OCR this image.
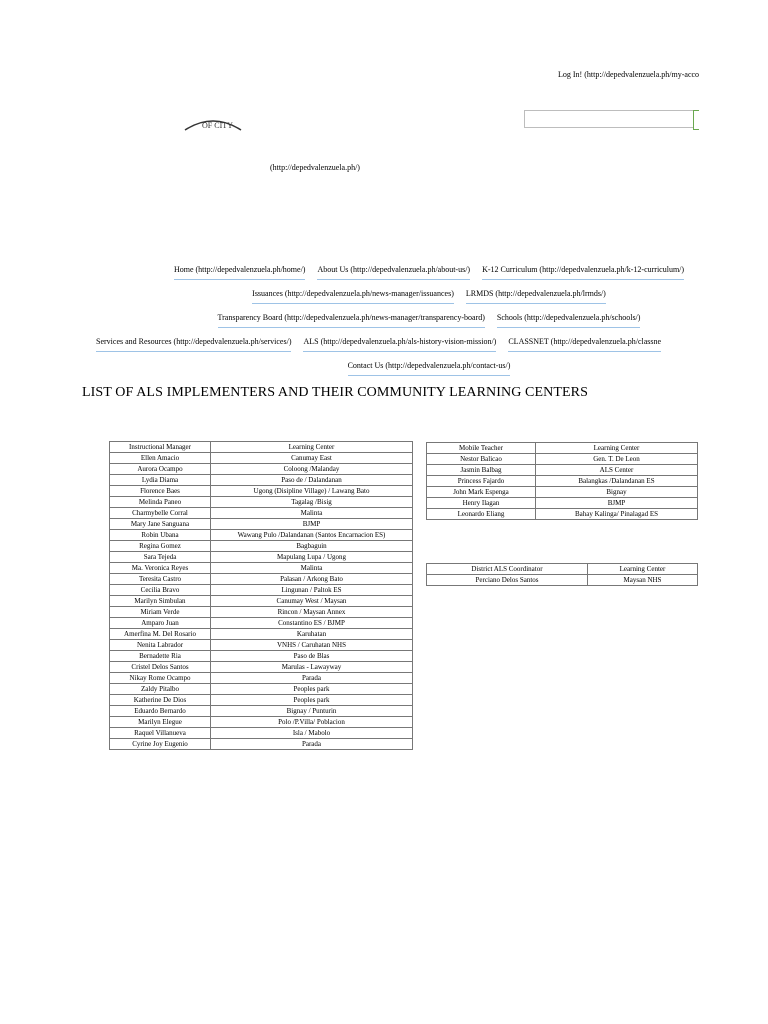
Log In! (http://depedvalenzuela.ph/my-acco
OF CITY
(http://depedvalenzuela.ph/)
Home (http://depedvalenzuela.ph/home/) About Us (http://depedvalenzuela.ph/about-us/) K-12 Curriculum (http://depedvalenzuela.ph/k-12-curriculum/)
Issuances (http://depedvalenzuela.ph/news-manager/issuances) LRMDS (http://depedvalenzuela.ph/lrmds/)
Transparency Board (http://depedvalenzuela.ph/news-manager/transparency-board) Schools (http://depedvalenzuela.ph/schools/)
Services and Resources (http://depedvalenzuela.ph/services/) ALS (http://depedvalenzuela.ph/als-history-vision-mission/) CLASSNET (http://depedvalenzuela.ph/classne
Contact Us (http://depedvalenzuela.ph/contact-us/)
LIST OF ALS IMPLEMENTERS AND THEIR COMMUNITY LEARNING CENTERS
Instructional Manager	Learning Center
Ellen Amacio	Canumay East
Aurora Ocampo	Coloong /Malanday
Lydia Diama	Paso de / Dalandanan
Florence Baes	Ugong (Disipline Village) / Lawang Bato
Melinda Paneo	Tagalag /Bisig
Charmybelle Corral	Malinta
Mary Jane Sanguana	BJMP
Robin Ubana	Wawang Pulo /Dalandanan (Santos Encarnacion ES)
Regina Gomez	Bagbaguin
Sara Tejeda	Mapulang Lupa / Ugong
Ma. Veronica Reyes	Malinta
Teresita Castro	Palasan / Arkong Bato
Cecilia Bravo	Lingunan / Paltok ES
Marilyn Simbulan	Canumay West / Maysan
Miriam Verde	Rincon / Maysan Annex
Amparo Juan	Constantino ES / BJMP
Amerfina M. Del Rosario	Karuhatan
Nenita Labrador	VNHS / Caruhatan NHS
Bernadette Ria	Paso de Blas
Cristel Delos Santos	Marulas - Lawayway
Nikay Rome Ocampo	Parada
Zaldy Pitalbo	Peoples park
Katherine De Dios	Peoples park
Eduardo Bernardo	Bignay / Punturin
Marilyn Elegue	Polo /P.Villa/ Poblacion
Raquel Villanueva	Isla / Mabolo
Cyrine Joy Eugenio	Parada
Mobile Teacher	Learning Center
Nestor Balicao	Gen. T. De Leon
Jasmin Balbag	ALS Center
Princess Fajardo	Balangkas /Dalandanan ES
John Mark Espenga	Bignay
Henry Ilagan	BJMP
Leonardo Eliang	Bahay Kalinga/ Pinalagad ES
District ALS Coordinator	Learning Center
Perciano Delos Santos	Maysan NHS
